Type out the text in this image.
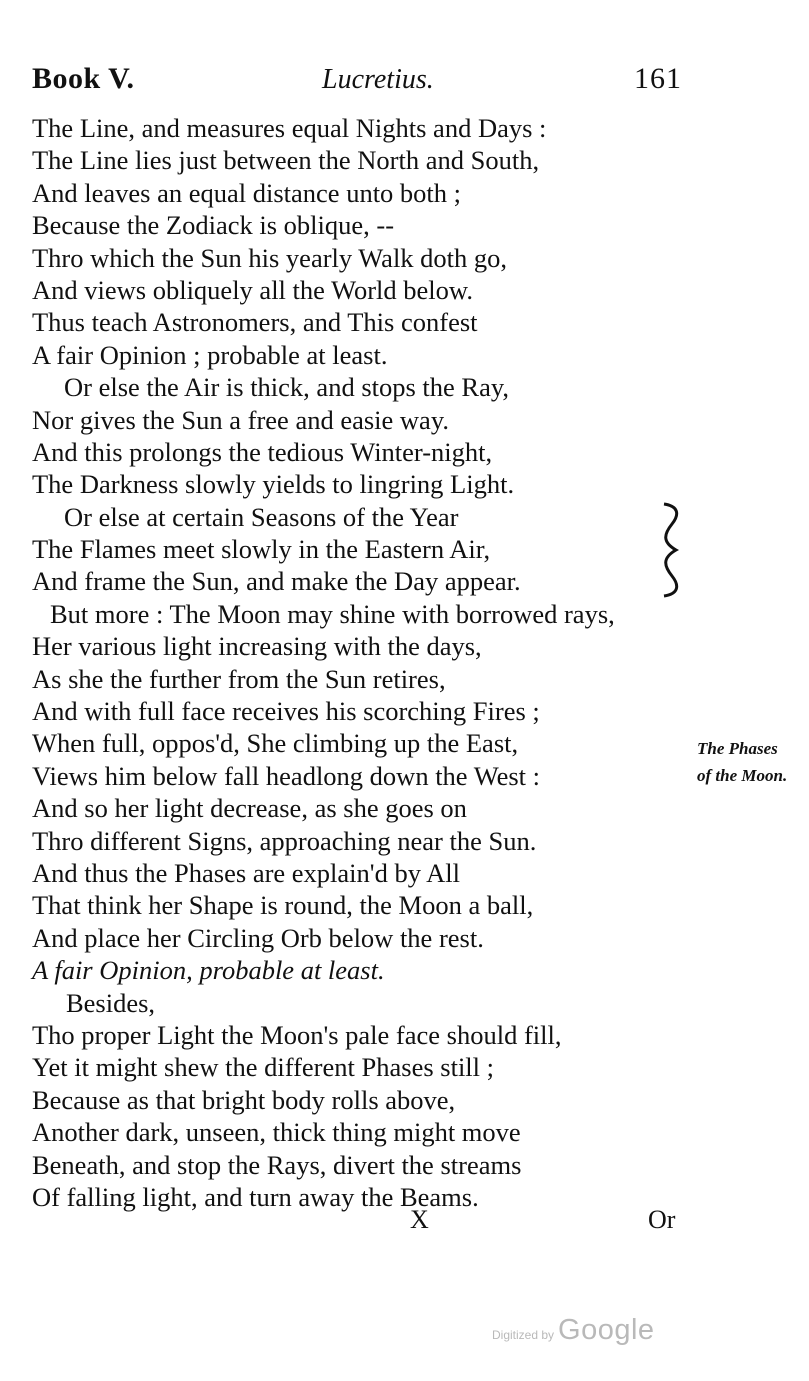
Book V.	Lucretius.	161
The Line, and measures equal Nights and Days :
The Line lies just between the North and South,
And leaves an equal distance unto both ;
Because the Zodiack is oblique, --
Thro which the Sun his yearly Walk doth go,
And views obliquely all the World below.
Thus teach Astronomers, and This confest
A fair Opinion ; probable at least.
Or else the Air is thick, and stops the Ray,
Nor gives the Sun a free and easie way.
And this prolongs the tedious Winter-night,
The Darkness slowly yields to lingring Light.
Or else at certain Seasons of the Year
The Flames meet slowly in the Eastern Air,
And frame the Sun, and make the Day appear.
But more : The Moon may shine with borrowed rays,
Her various light increasing with the days,
As she the further from the Sun retires,
And with full face receives his scorching Fires ;
When full, oppos'd, She climbing up the East,
Views him below fall headlong down the West :
And so her light decrease, as she goes on
Thro different Signs, approaching near the Sun.
And thus the Phases are explain'd by All
That think her Shape is round, the Moon a ball,
And place her Circling Orb below the rest.
A fair Opinion, probable at least.
Besides,
Tho proper Light the Moon's pale face should fill,
Yet it might shew the different Phases still ;
Because as that bright body rolls above,
Another dark, unseen, thick thing might move
Beneath, and stop the Rays, divert the streams
Of falling light, and turn away the Beams.
The Phases
of the Moon.
X	Or
Digitized by Google
